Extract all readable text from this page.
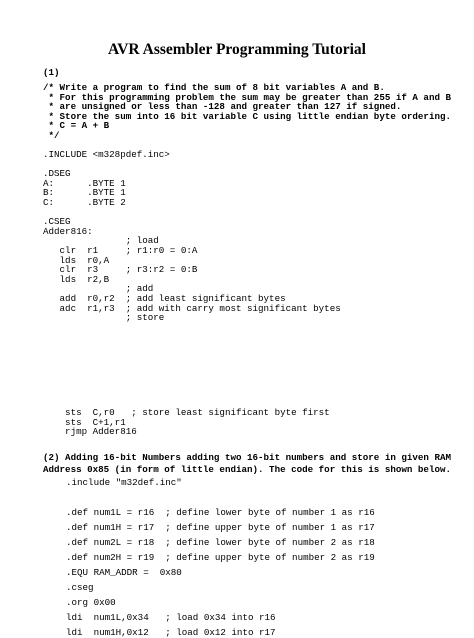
AVR Assembler Programming Tutorial
(1)
/* Write a program to find the sum of 8 bit variables A and B.
* For this programming problem the sum may be greater than 255 if A and B
* are unsigned or less than -128 and greater than 127 if signed.
* Store the sum into 16 bit variable C using little endian byte ordering.
* C = A + B
*/
.INCLUDE <m328pdef.inc>
.DSEG
A:      .BYTE 1
B:      .BYTE 1
C:      .BYTE 2
.CSEG
Adder816:
; load
clr  r1     ; r1:r0 = 0:A
lds  r0,A
clr  r3     ; r3:r2 = 0:B
lds  r2,B
; add
add  r0,r2  ; add least significant bytes
adc  r1,r3  ; add with carry most significant bytes
; store
sts  C,r0   ; store least significant byte first
sts  C+1,r1
rjmp Adder816
(2) Adding 16-bit Numbers adding two 16-bit numbers and store in given RAM
Address 0x85 (in form of little endian). The code for this is shown below.
.include "m32def.inc"
.def num1L = r16  ; define lower byte of number 1 as r16
.def num1H = r17  ; define upper byte of number 1 as r17
.def num2L = r18  ; define lower byte of number 2 as r18
.def num2H = r19  ; define upper byte of number 2 as r19
.EQU RAM_ADDR =  0x80
.cseg
.org 0x00
ldi  num1L,0x34   ; load 0x34 into r16
ldi  num1H,0x12   ; load 0x12 into r17
